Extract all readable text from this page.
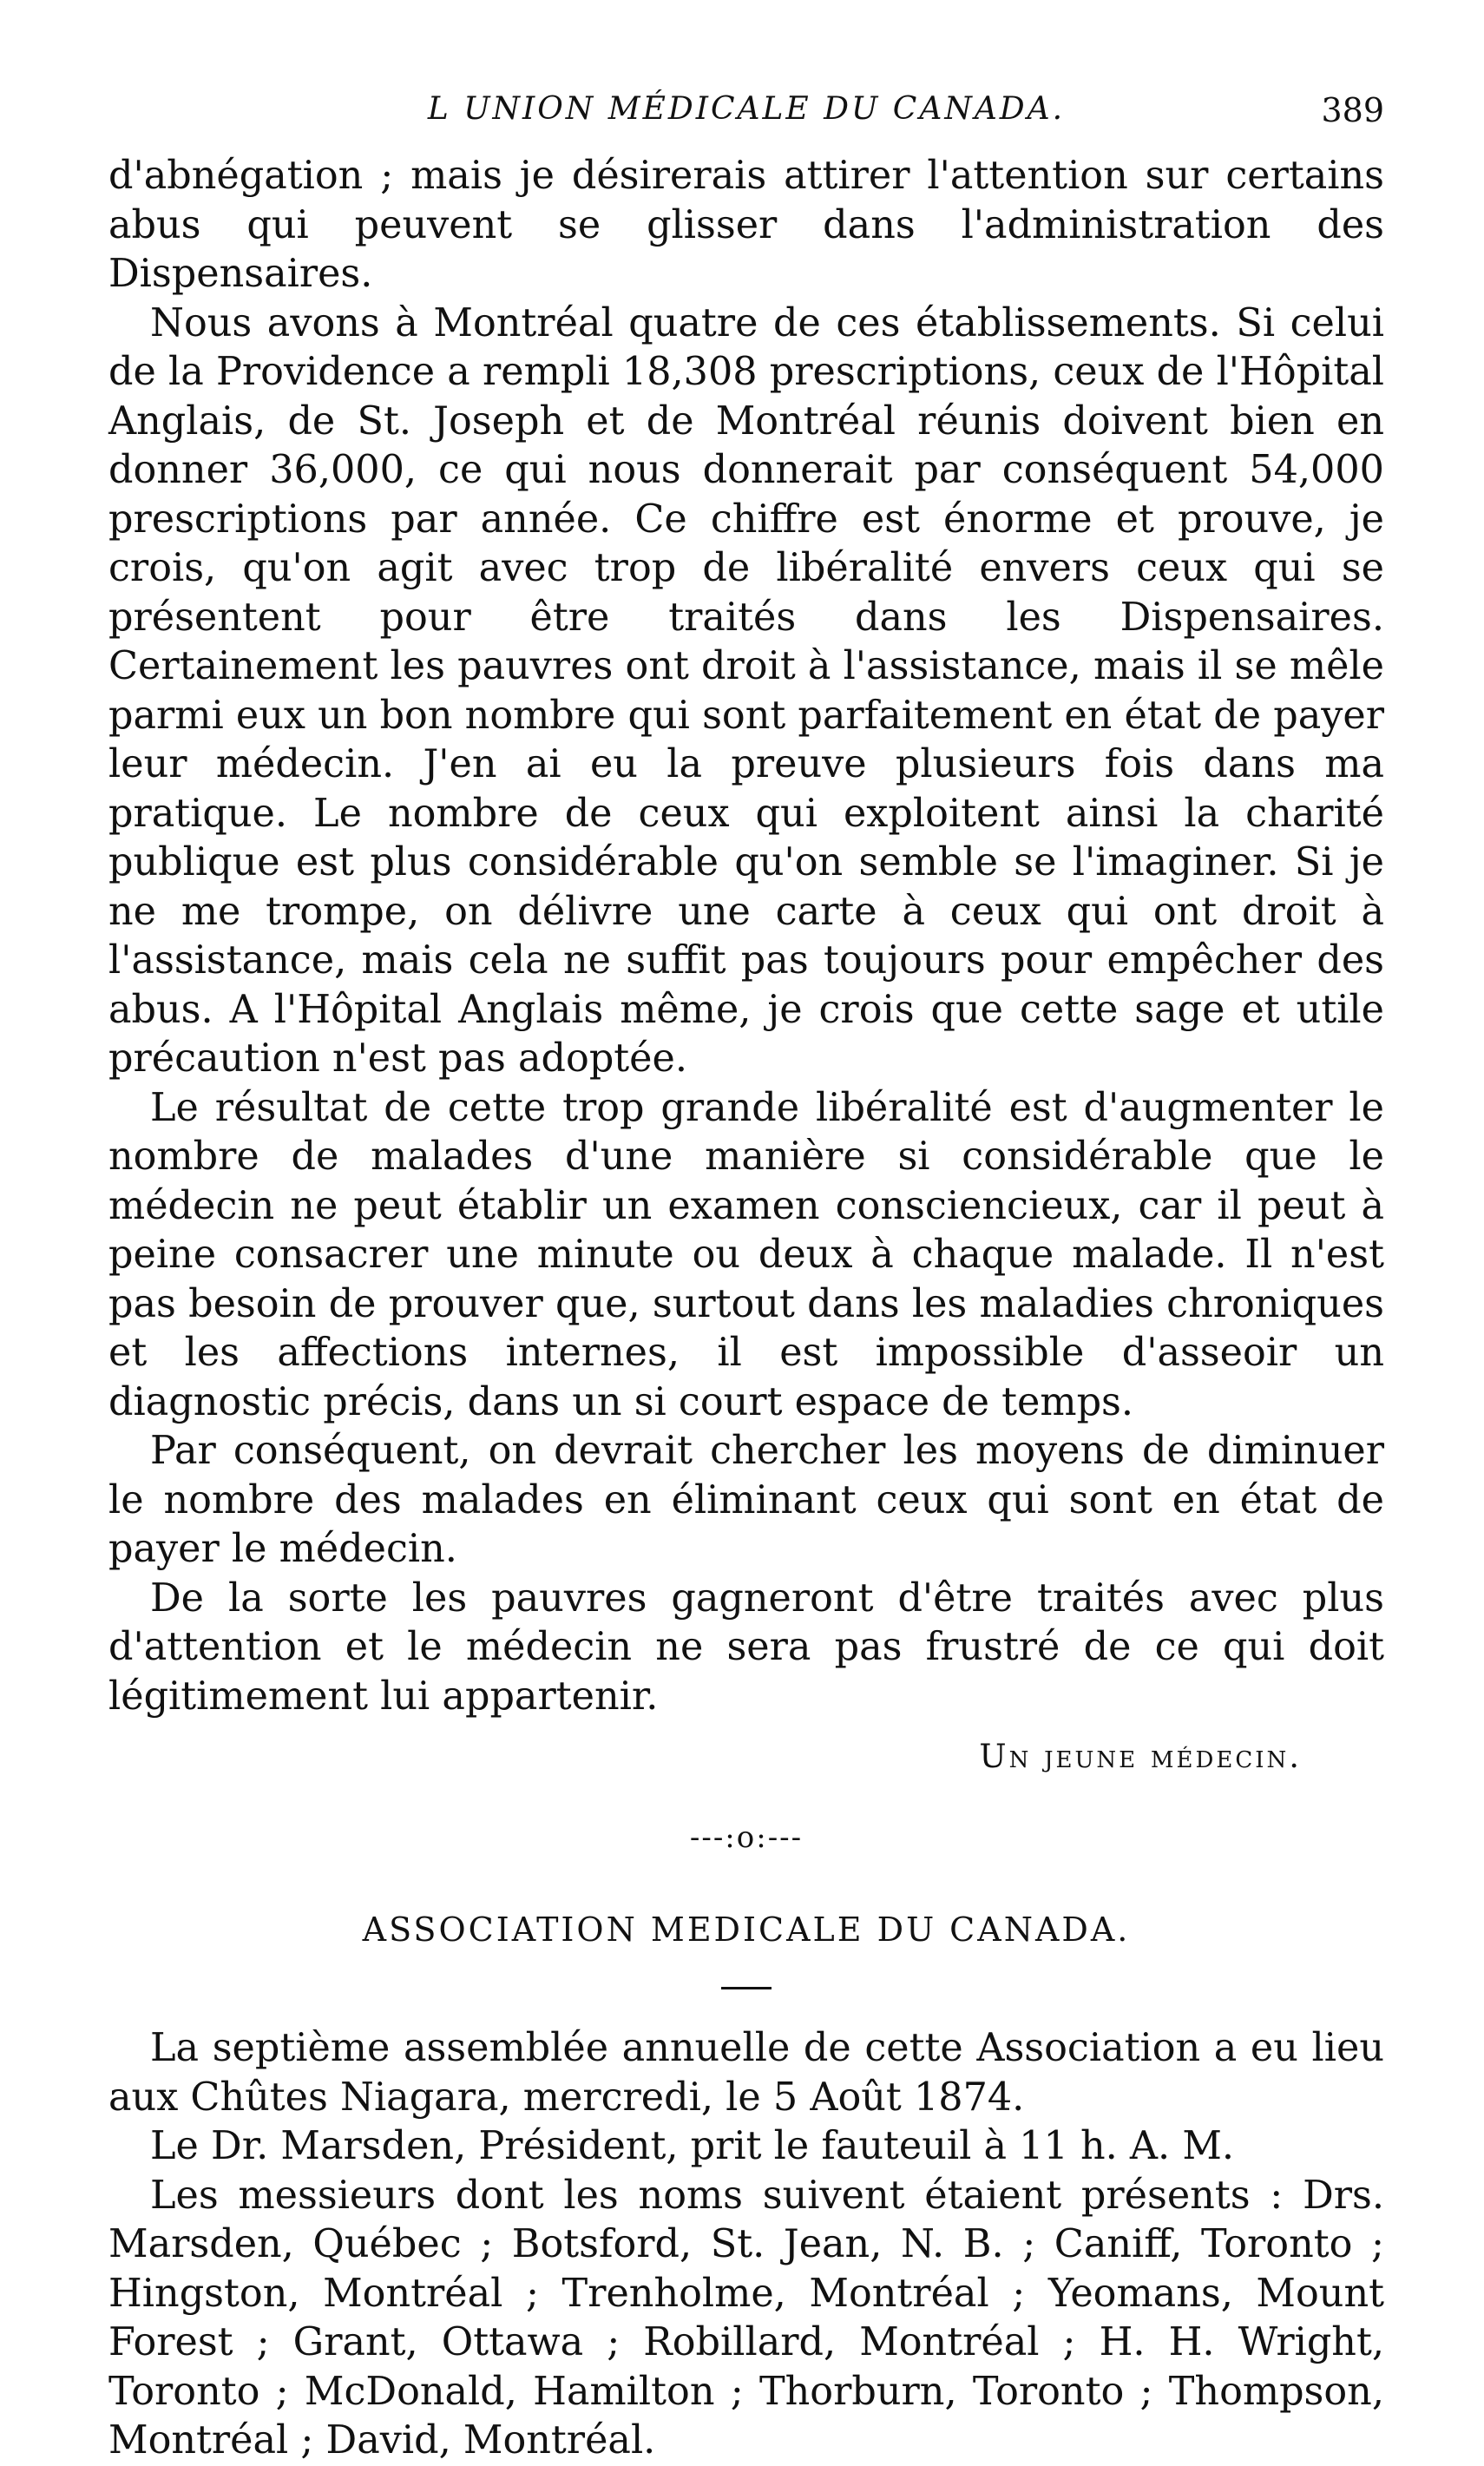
L UNION MÉDICALE DU CANADA.	389

d'abnégation ; mais je désirerais attirer l'attention sur certains abus qui peuvent se glisser dans l'administration des Dispensaires.

Nous avons à Montréal quatre de ces établissements. Si celui de la Providence a rempli 18,308 prescriptions, ceux de l'Hôpital Anglais, de St. Joseph et de Montréal réunis doivent bien en donner 36,000, ce qui nous donnerait par conséquent 54,000 prescriptions par année. Ce chiffre est énorme et prouve, je crois, qu'on agit avec trop de libéralité envers ceux qui se présentent pour être traités dans les Dispensaires. Certainement les pauvres ont droit à l'assistance, mais il se mêle parmi eux un bon nombre qui sont parfaitement en état de payer leur médecin. J'en ai eu la preuve plusieurs fois dans ma pratique. Le nombre de ceux qui exploitent ainsi la charité publique est plus considérable qu'on semble se l'imaginer. Si je ne me trompe, on délivre une carte à ceux qui ont droit à l'assistance, mais cela ne suffit pas toujours pour empêcher des abus. A l'Hôpital Anglais même, je crois que cette sage et utile précaution n'est pas adoptée.

Le résultat de cette trop grande libéralité est d'augmenter le nombre de malades d'une manière si considérable que le médecin ne peut établir un examen consciencieux, car il peut à peine consacrer une minute ou deux à chaque malade. Il n'est pas besoin de prouver que, surtout dans les maladies chroniques et les affections internes, il est impossible d'asseoir un diagnostic précis, dans un si court espace de temps.

Par conséquent, on devrait chercher les moyens de diminuer le nombre des malades en éliminant ceux qui sont en état de payer le médecin.

De la sorte les pauvres gagneront d'être traités avec plus d'attention et le médecin ne sera pas frustré de ce qui doit légitimement lui appartenir.

Un jeune médecin.
---:o:---
ASSOCIATION MEDICALE DU CANADA.

La septième assemblée annuelle de cette Association a eu lieu aux Chûtes Niagara, mercredi, le 5 Août 1874.

Le Dr. Marsden, Président, prit le fauteuil à 11 h. A. M.

Les messieurs dont les noms suivent étaient présents : Drs. Marsden, Québec ; Botsford, St. Jean, N. B. ; Caniff, Toronto ; Hingston, Montréal ; Trenholme, Montréal ; Yeomans, Mount Forest ; Grant, Ottawa ; Robillard, Montréal ; H. H. Wright, Toronto ; McDonald, Hamilton ; Thorburn, Toronto ; Thompson, Montréal ; David, Montréal.
